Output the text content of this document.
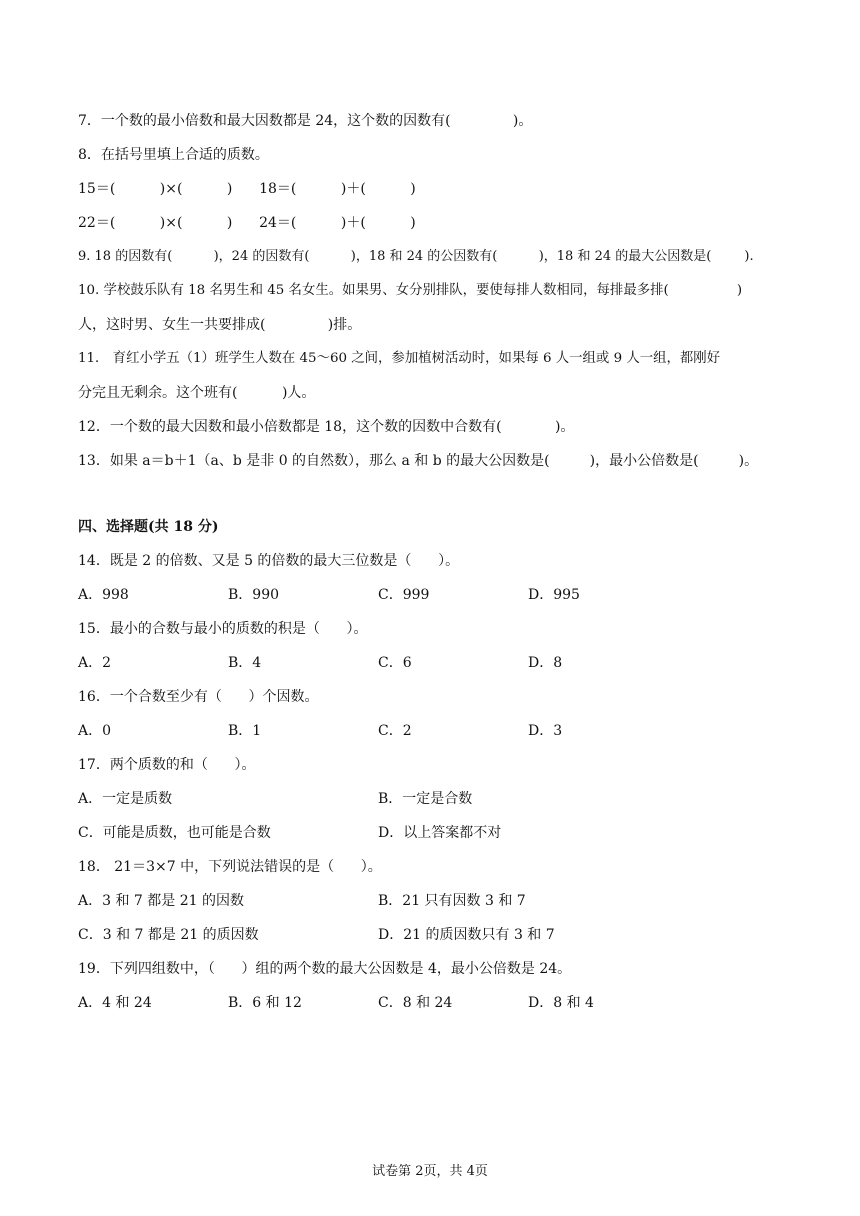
7．一个数的最小倍数和最大因数都是 24，这个数的因数有(              )。
8．在括号里填上合适的质数。
15＝(          )×(          )      18＝(          )＋(          )
22＝(          )×(          )      24＝(          )＋(          )
9. 18 的因数有(          )，24 的因数有(          )，18 和 24 的公因数有(          )，18 和 24 的最大公因数是(        ).
10. 学校鼓乐队有 18 名男生和 45 名女生。如果男、女分别排队，要使每排人数相同，每排最多排(                )
人，这时男、女生一共要排成(              )排。
11． 育红小学五（1）班学生人数在 45～60 之间，参加植树活动时，如果每 6 人一组或 9 人一组，都刚好
分完且无剩余。这个班有(          )人。
12．一个数的最大因数和最小倍数都是 18，这个数的因数中合数有(            )。
13．如果 a＝b＋1（a、b 是非 0 的自然数），那么 a 和 b 的最大公因数是(         )，最小公倍数是(         )。
四、选择题(共 18 分)
14．既是 2 的倍数、又是 5 的倍数的最大三位数是（      ）。
A．998	B．990	C．999	D．995
15．最小的合数与最小的质数的积是（      ）。
A．2	B．4	C．6	D．8
16．一个合数至少有（      ）个因数。
A．0	B．1	C．2	D．3
17．两个质数的和（      ）。
A．一定是质数	B．一定是合数
C．可能是质数，也可能是合数	D．以上答案都不对
18． 21＝3×7 中，下列说法错误的是（      ）。
A．3 和 7 都是 21 的因数	B．21 只有因数 3 和 7
C．3 和 7 都是 21 的质因数	D．21 的质因数只有 3 和 7
19．下列四组数中，（      ）组的两个数的最大公因数是 4，最小公倍数是 24。
A．4 和 24	B．6 和 12	C．8 和 24	D．8 和 4
试卷第 2页，共 4页
